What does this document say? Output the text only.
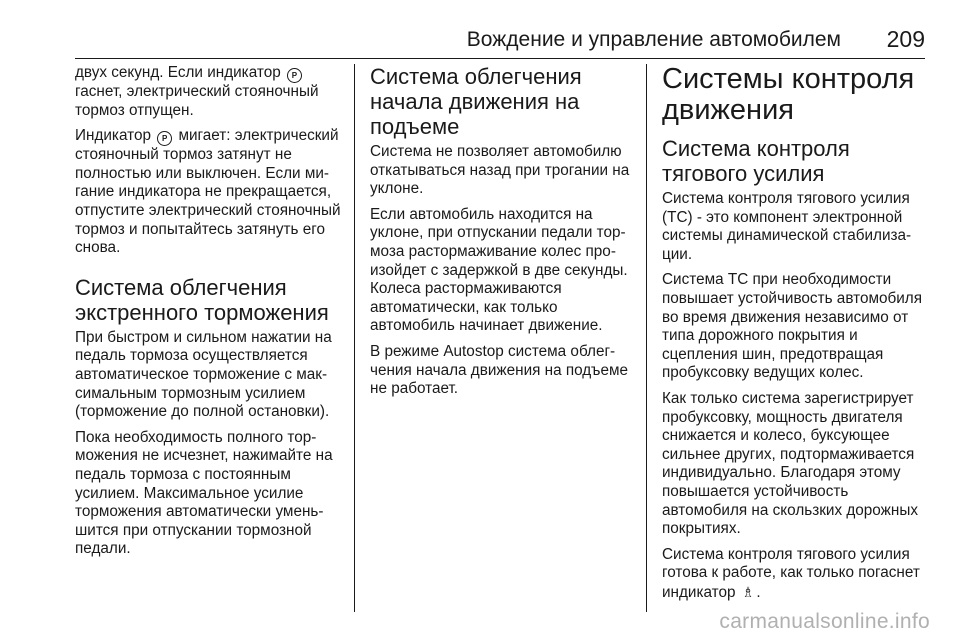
Вождение и управление автомобилем 209

двух секунд. Если индикатор P гаснет, электрический стояночный тормоз отпущен.

Индикатор P мигает: электрический стояночный тормоз затянут не полностью или выключен. Если мигание индикатора не прекращается, отпустите электрический стояночный тормоз и попытайтесь затянуть его снова.

Система облегчения экстренного торможения

При быстром и сильном нажатии на педаль тормоза осуществляется автоматическое торможение с максимальным тормозным усилием (торможение до полной остановки).

Пока необходимость полного торможения не исчезнет, нажимайте на педаль тормоза с постоянным усилием. Максимальное усилие торможения автоматически уменьшится при отпускании тормозной педали.

Система облегчения начала движения на подъеме

Система не позволяет автомобилю откатываться назад при трогании на уклоне.

Если автомобиль находится на уклоне, при отпускании педали тормоза растормаживание колес произойдет с задержкой в две секунды. Колеса растормаживаются автоматически, как только автомобиль начинает движение.

В режиме Autostop система облегчения начала движения на подъеме не работает.

Системы контроля движения
Система контроля тягового усилия

Система контроля тягового усилия (TC) - это компонент электронной системы динамической стабилизации.

Система TC при необходимости повышает устойчивость автомобиля во время движения независимо от типа дорожного покрытия и сцепления шин, предотвращая пробуксовку ведущих колес.

Как только система зарегистрирует пробуксовку, мощность двигателя снижается и колесо, буксующее сильнее других, подтормаживается индивидуально. Благодаря этому повышается устойчивость автомобиля на скользких дорожных покрытиях.

Система контроля тягового усилия готова к работе, как только погаснет индикатор ♗ .

carmanualsonline.info
